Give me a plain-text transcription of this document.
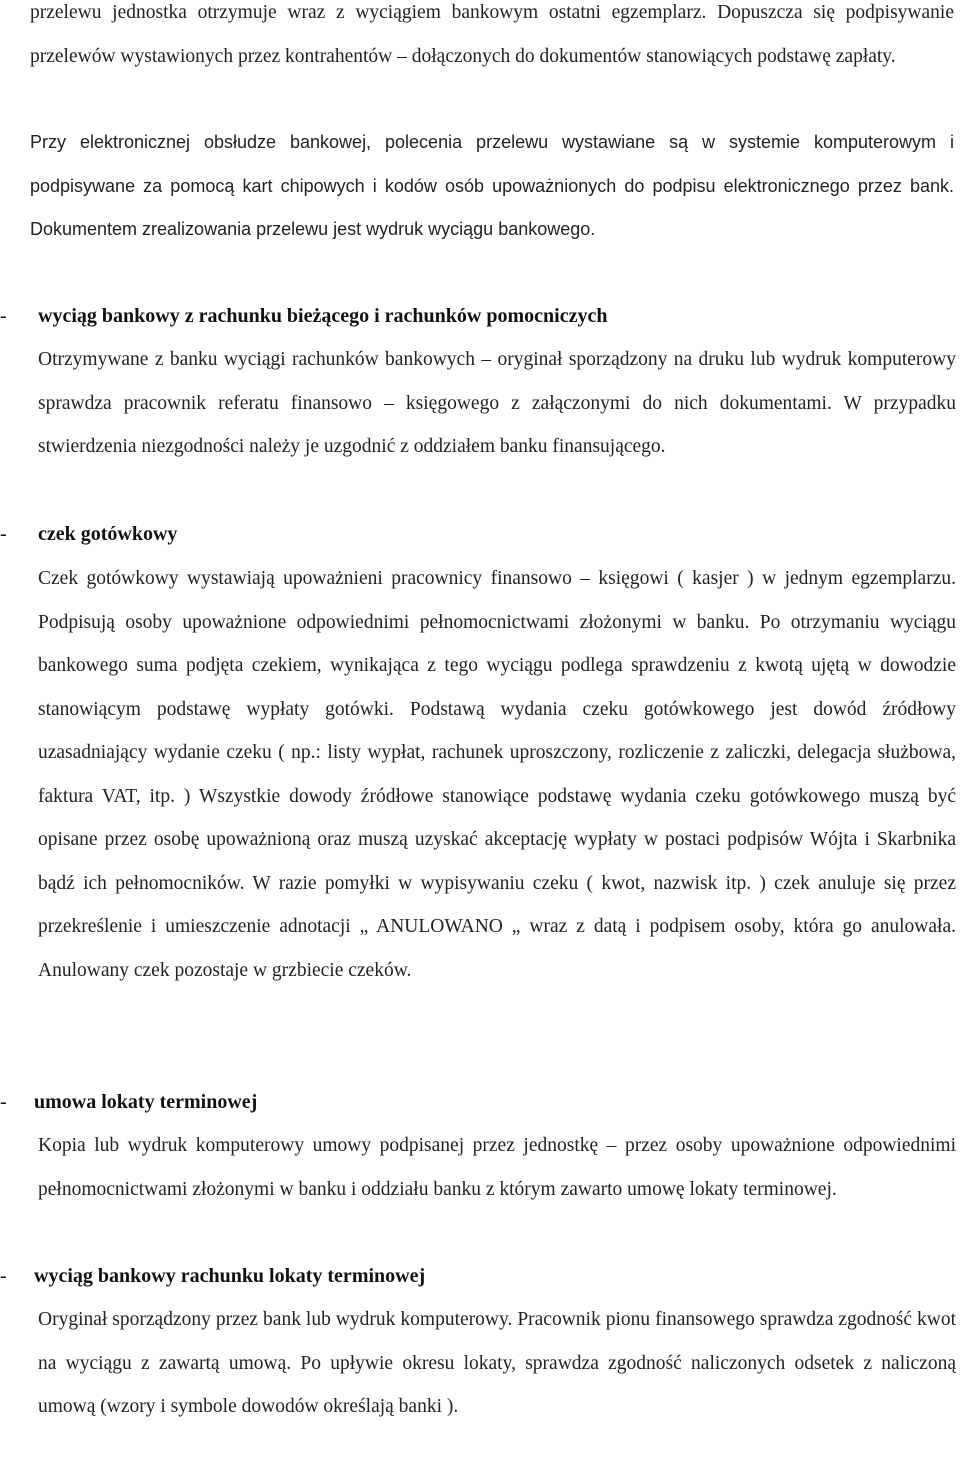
przelewu jednostka otrzymuje wraz z wyciągiem bankowym ostatni egzemplarz. Dopuszcza się podpisywanie przelewów wystawionych przez kontrahentów – dołączonych do dokumentów stanowiących podstawę zapłaty.

Przy elektronicznej obsłudze bankowej, polecenia przelewu wystawiane są w systemie komputerowym i podpisywane za pomocą kart chipowych i kodów osób upoważnionych do podpisu elektronicznego przez bank. Dokumentem zrealizowania przelewu jest wydruk wyciągu bankowego.

- wyciąg bankowy z rachunku bieżącego i rachunków pomocniczych

Otrzymywane z banku wyciągi rachunków bankowych – oryginał sporządzony na druku lub wydruk komputerowy sprawdza pracownik referatu finansowo – księgowego z załączonymi do nich dokumentami. W przypadku stwierdzenia niezgodności należy je uzgodnić z oddziałem banku finansującego.

- czek gotówkowy

Czek gotówkowy wystawiają upoważnieni pracownicy finansowo – księgowi ( kasjer ) w jednym egzemplarzu. Podpisują osoby upoważnione odpowiednimi pełnomocnictwami złożonymi w banku. Po otrzymaniu wyciągu bankowego suma podjęta czekiem, wynikająca z tego wyciągu podlega sprawdzeniu z kwotą ujętą w dowodzie stanowiącym podstawę wypłaty gotówki. Podstawą wydania czeku gotówkowego jest dowód źródłowy uzasadniający wydanie czeku ( np.: listy wypłat, rachunek uproszczony, rozliczenie z zaliczki, delegacja służbowa, faktura VAT, itp. ) Wszystkie dowody źródłowe stanowiące podstawę wydania czeku gotówkowego muszą być opisane przez osobę upoważnioną oraz muszą uzyskać akceptację wypłaty w postaci podpisów Wójta i Skarbnika bądź ich pełnomocników. W razie pomyłki w wypisywaniu czeku ( kwot, nazwisk itp. ) czek anuluje się przez przekreślenie i umieszczenie adnotacji „ ANULOWANO „ wraz z datą i podpisem osoby, która go anulowała. Anulowany czek pozostaje w grzbiecie czeków.

- umowa lokaty terminowej

Kopia lub wydruk komputerowy umowy podpisanej przez jednostkę – przez osoby upoważnione odpowiednimi pełnomocnictwami złożonymi w banku i oddziału banku z którym zawarto umowę lokaty terminowej.

- wyciąg bankowy rachunku lokaty terminowej

Oryginał sporządzony przez bank lub wydruk komputerowy. Pracownik pionu finansowego sprawdza zgodność kwot na wyciągu z zawartą umową. Po upływie okresu lokaty, sprawdza zgodność naliczonych odsetek z naliczoną umową (wzory i symbole dowodów określają banki ).
